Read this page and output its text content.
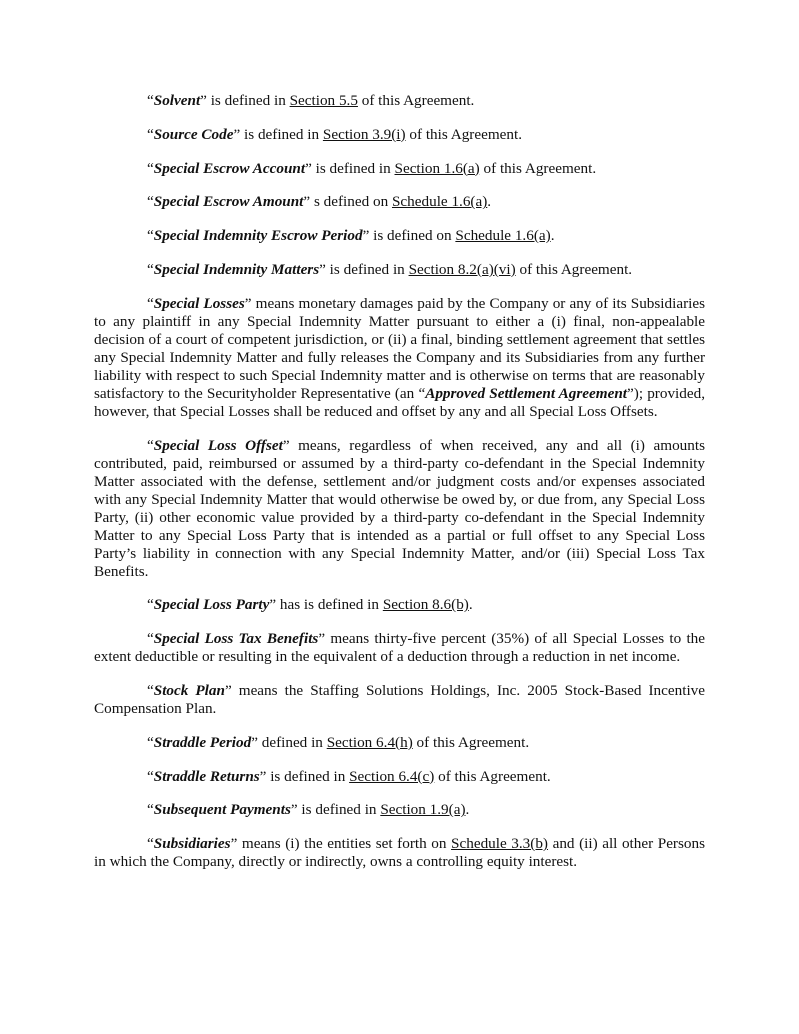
“Solvent” is defined in Section 5.5 of this Agreement.

“Source Code” is defined in Section 3.9(i) of this Agreement.

“Special Escrow Account” is defined in Section 1.6(a) of this Agreement.

“Special Escrow Amount” s defined on Schedule 1.6(a).

“Special Indemnity Escrow Period” is defined on Schedule 1.6(a).

“Special Indemnity Matters” is defined in Section 8.2(a)(vi) of this Agreement.

“Special Losses” means monetary damages paid by the Company or any of its Subsidiaries to any plaintiff in any Special Indemnity Matter pursuant to either a (i) final, non-appealable decision of a court of competent jurisdiction, or (ii) a final, binding settlement agreement that settles any Special Indemnity Matter and fully releases the Company and its Subsidiaries from any further liability with respect to such Special Indemnity matter and is otherwise on terms that are reasonably satisfactory to the Securityholder Representative (an “Approved Settlement Agreement”); provided, however, that Special Losses shall be reduced and offset by any and all Special Loss Offsets.

“Special Loss Offset” means, regardless of when received, any and all (i) amounts contributed, paid, reimbursed or assumed by a third-party co-defendant in the Special Indemnity Matter associated with the defense, settlement and/or judgment costs and/or expenses associated with any Special Indemnity Matter that would otherwise be owed by, or due from, any Special Loss Party, (ii) other economic value provided by a third-party co-defendant in the Special Indemnity Matter to any Special Loss Party that is intended as a partial or full offset to any Special Loss Party’s liability in connection with any Special Indemnity Matter, and/or (iii) Special Loss Tax Benefits.

“Special Loss Party” has is defined in Section 8.6(b).

“Special Loss Tax Benefits” means thirty-five percent (35%) of all Special Losses to the extent deductible or resulting in the equivalent of a deduction through a reduction in net income.

“Stock Plan” means the Staffing Solutions Holdings, Inc. 2005 Stock-Based Incentive Compensation Plan.

“Straddle Period” defined in Section 6.4(h) of this Agreement.

“Straddle Returns” is defined in Section 6.4(c) of this Agreement.

“Subsequent Payments” is defined in Section 1.9(a).

“Subsidiaries” means (i) the entities set forth on Schedule 3.3(b) and (ii) all other Persons in which the Company, directly or indirectly, owns a controlling equity interest.
